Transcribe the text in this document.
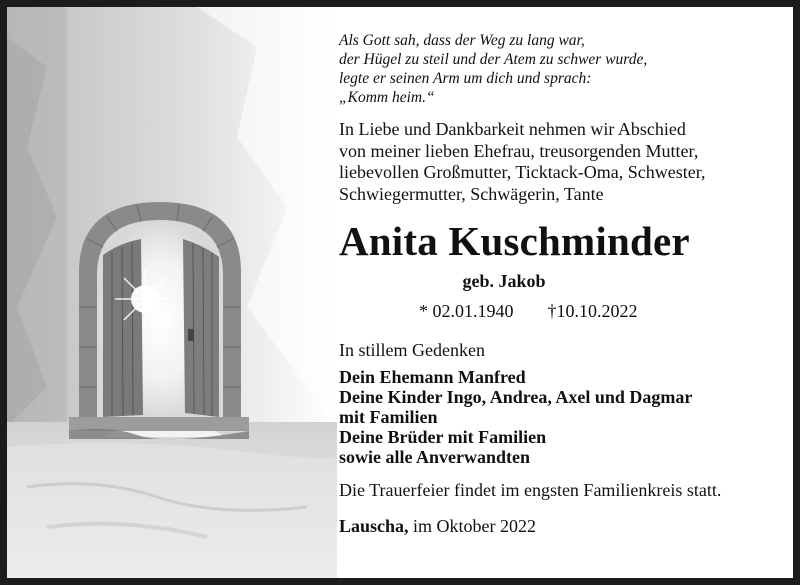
Als Gott sah, dass der Weg zu lang war,
der Hügel zu steil und der Atem zu schwer wurde,
legte er seinen Arm um dich und sprach:
„Komm heim.“
In Liebe und Dankbarkeit nehmen wir Abschied
von meiner lieben Ehefrau, treusorgenden Mutter,
liebevollen Großmutter, Ticktack-Oma, Schwester,
Schwiegermutter, Schwägerin, Tante
Anita Kuschminder
geb. Jakob
* 02.01.1940 †10.10.2022
In stillem Gedenken
Dein Ehemann Manfred
Deine Kinder Ingo, Andrea, Axel und Dagmar
mit Familien
Deine Brüder mit Familien
sowie alle Anverwandten
Die Trauerfeier findet im engsten Familienkreis statt.
Lauscha, im Oktober 2022
